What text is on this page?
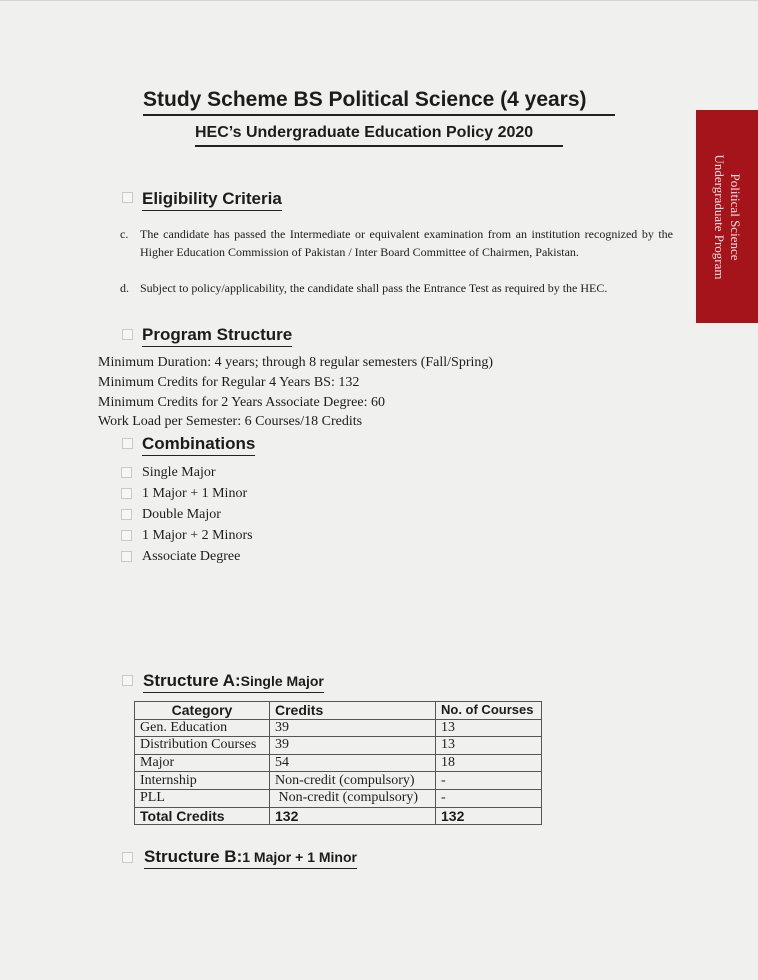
Study Scheme BS Political Science (4 years)
HEC’s Undergraduate Education Policy 2020
Political Science
Undergraduate Program
Eligibility Criteria
c. The candidate has passed the Intermediate or equivalent examination from an institution recognized by the Higher Education Commission of Pakistan / Inter Board Committee of Chairmen, Pakistan.
d. Subject to policy/applicability, the candidate shall pass the Entrance Test as required by the HEC.
Program Structure
Minimum Duration: 4 years; through 8 regular semesters (Fall/Spring)
Minimum Credits for Regular 4 Years BS: 132
Minimum Credits for 2 Years Associate Degree: 60
Work Load per Semester: 6 Courses/18 Credits
Combinations
Single Major
1 Major + 1 Minor
Double Major
1 Major + 2 Minors
Associate Degree
Structure A:Single Major
Category	Credits	No. of Courses
Gen. Education	39	13
Distribution Courses	39	13
Major	54	18
Internship	Non-credit (compulsory)	-
PLL	Non-credit (compulsory)	-
Total Credits	132	132
Structure B:1 Major + 1 Minor
